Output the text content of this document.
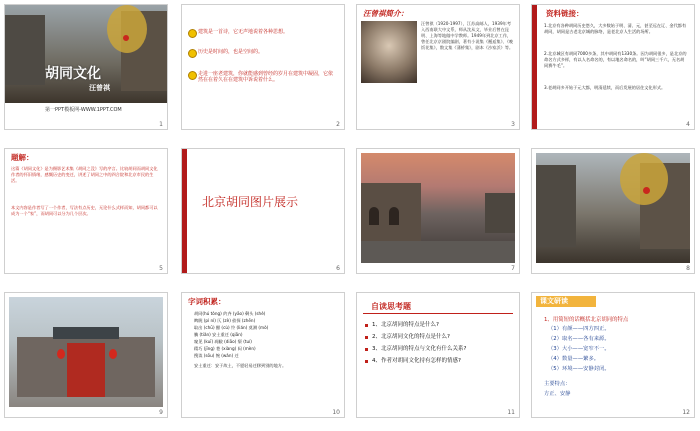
胡同文化
汪曾祺
第一PPT模板网-WWW.1PPT.COM
1
建筑是一首诗，它无声地说着各种思想。
历史是时间的，也是空间的。
走进一座老建筑，你就能感到曾经的岁月在建筑中凝固，它依然在在着久在在建筑中诉说着什么。
2
汪曾祺简介：
汪曾祺（1920-1997），江苏高邮人，1939年考入西南联大中文系，师从沈从文，毕业后曾在昆明、上海等地做中学教师。1949年到北京工作，曾任北京京剧院编剧，著有小说集《邂逅集》、《晚饭花集》，散文集《蒲桥集》，剧本《沙家浜》等。
3
资料链接：
1.北京有各种胡同历史悠久，大多数始于明、清、元，甚至远在辽、金代都有胡同，胡同是古老北京城的脉络，是老北京人生活的场所。
2.北京城区有胡同7000多条，其中胡同有1330条。因为胡同很多，是北京的命名方式多样，有以人名命名的，有以地名命名的，叫“胡同三千六，无名胡同赛牛毛”。
3.老胡同多开始于元大都，明清延续，而后发展的居住文化形式。
4
题解：
这篇《胡同文化》是为摄影艺术集《胡同之没》写的序言。比较胡同而胡同文化作者的怀旧情绪，感慨历史的变迁，讲述了胡同之中的四合院和北京市民的生活。
本文内容是作者写了一个作者，写法有点历史，无论什么式样而知，胡同都可以成为一个“家”，而胡同可以分为几个层次。
5
北京胡同图片展示
6	7	8
9
字词积累：
胡同(hú tòng) 约齐 (yāo) 剩头 (shè)
睥睨 (pì nì) 仄 (zè) 侦探 (zhēn)
取出 (chū) 醋 (cù) 怜 (lián) 莫测 (mò)
腆 (tiǎn) 安土重迁 (qiān)
窥见 (kuī) 凋敝 (diāo) 颓 (tuí)
精巧 (jīng) 巷 (xiàng) 闷 (mèn)
搜读 (sōu) 惋 (wǎn) 迁
安土重迁：安于故土，不愿轻易迁移到别的地方。
10
自读思考题
1、北京胡同的特点是什么?
2、北京胡同文化的特点是什么?
3、北京胡同的特点与文化有什么关系?
4、作者对胡同文化持有怎样的情感?
11
课文研读
1、用简短的话概括北京胡同的特点
（1）有颜——四方四正。
（2）取名——各有来源。
（3）大小——宽窄不一。
（4）数量——繁多。
（5）环境——安静封闭。
主要特点：
方正、安静
12
